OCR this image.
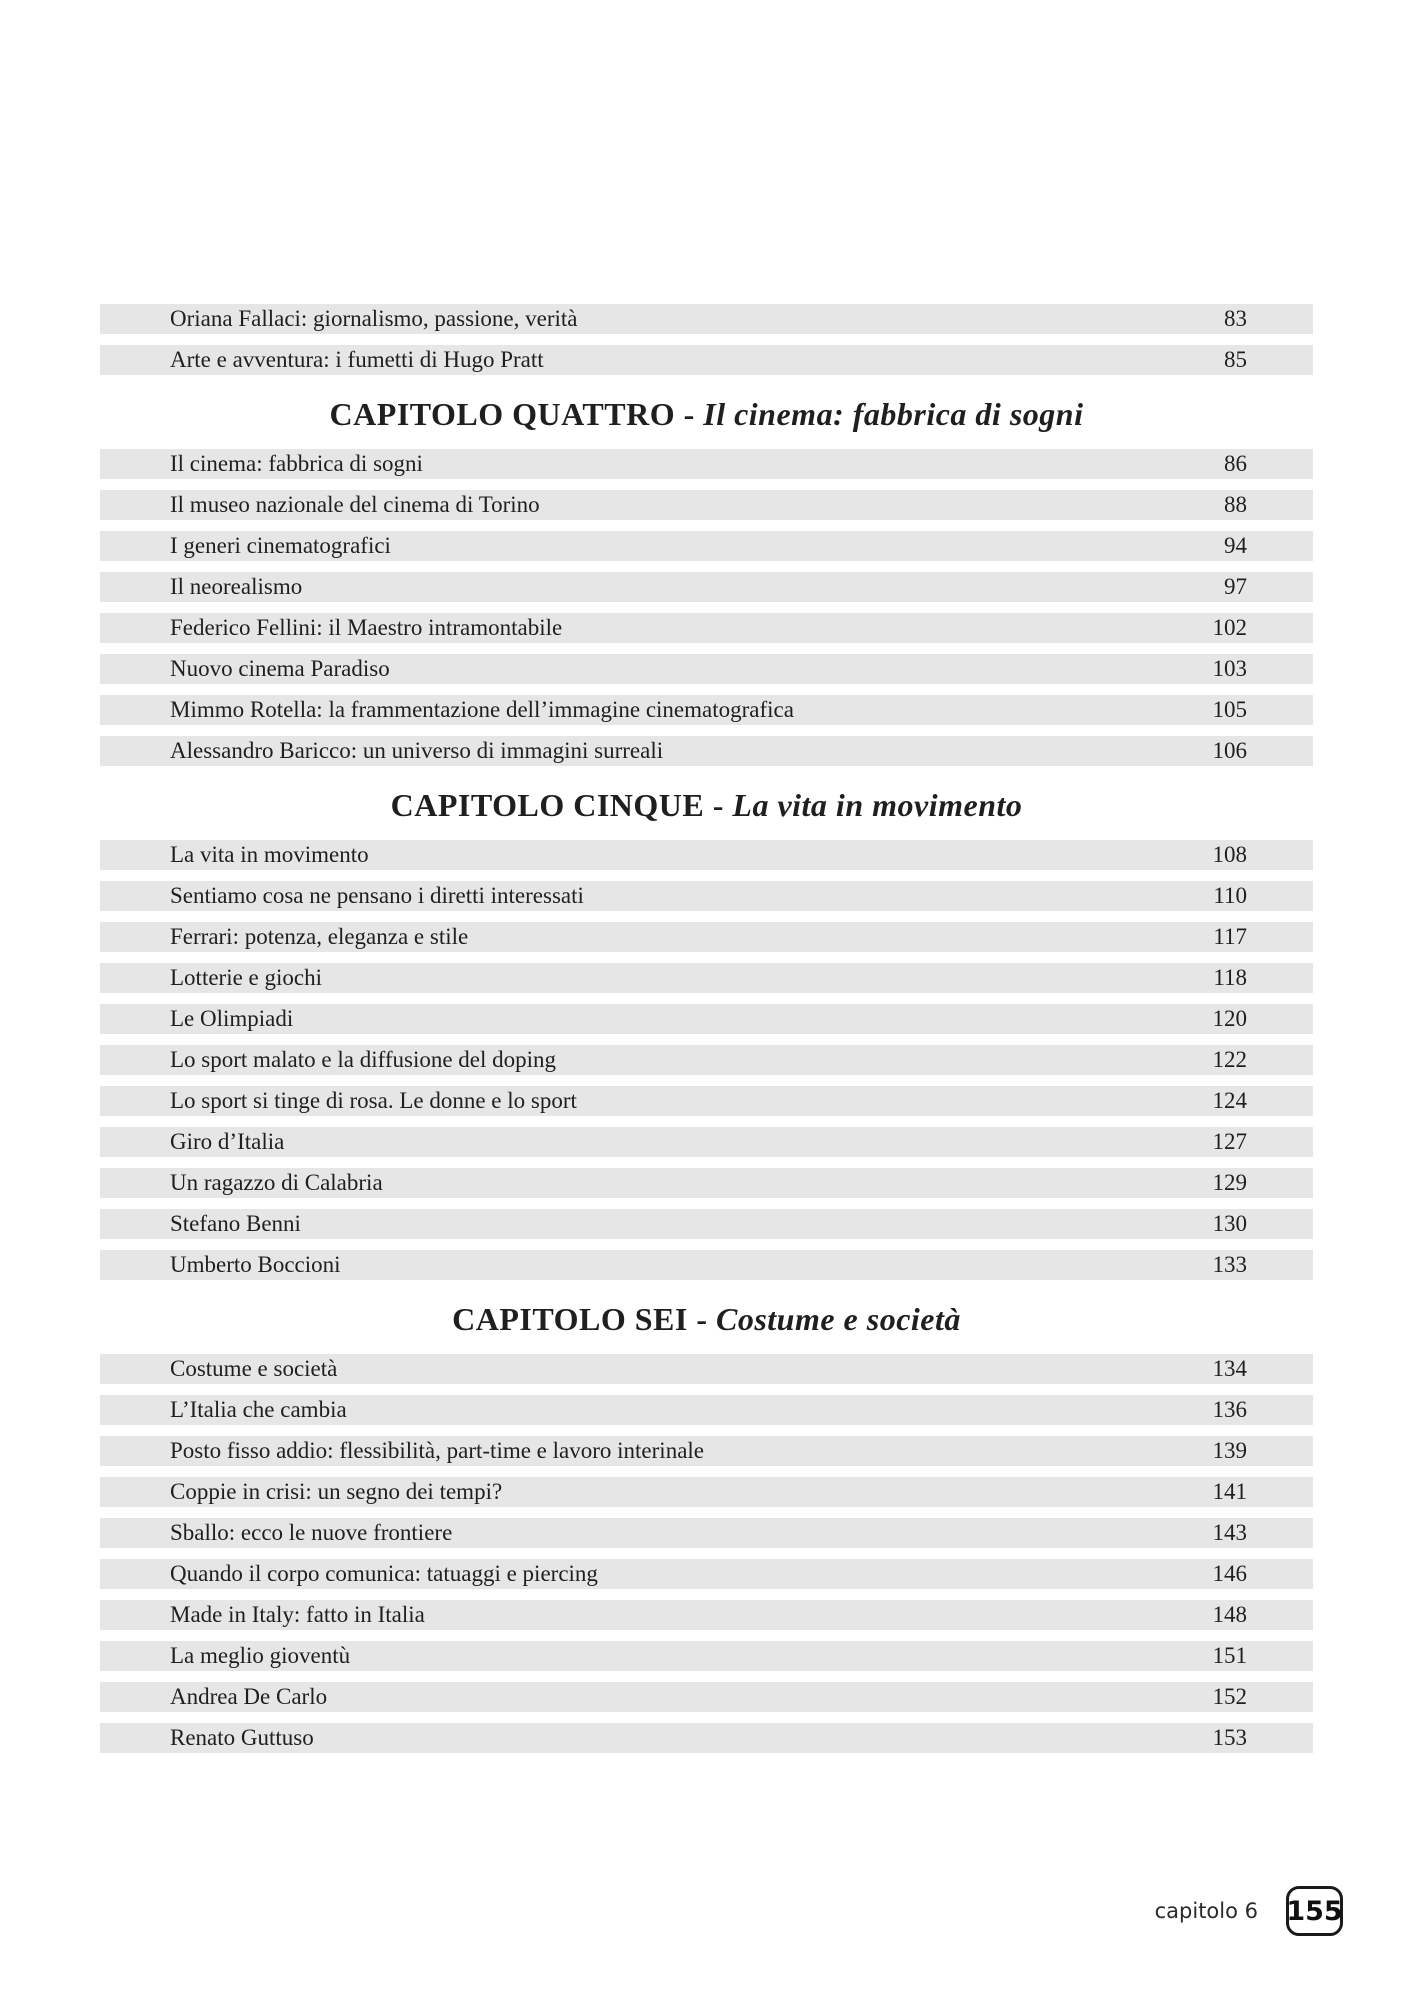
Oriana Fallaci: giornalismo, passione, verità	83
Arte e avventura: i fumetti di Hugo Pratt	85
CAPITOLO QUATTRO - Il cinema: fabbrica di sogni
Il cinema: fabbrica di sogni	86
Il museo nazionale del cinema di Torino	88
I generi cinematografici	94
Il neorealismo	97
Federico Fellini: il Maestro intramontabile	102
Nuovo cinema Paradiso	103
Mimmo Rotella: la frammentazione dell’immagine cinematografica	105
Alessandro Baricco: un universo di immagini surreali	106
CAPITOLO CINQUE - La vita in movimento
La vita in movimento	108
Sentiamo cosa ne pensano i diretti interessati	110
Ferrari: potenza, eleganza e stile	117
Lotterie e giochi	118
Le Olimpiadi	120
Lo sport malato e la diffusione del doping	122
Lo sport si tinge di rosa. Le donne e lo sport	124
Giro d’Italia	127
Un ragazzo di Calabria	129
Stefano Benni	130
Umberto Boccioni	133
CAPITOLO SEI - Costume e società
Costume e società	134
L’Italia che cambia	136
Posto fisso addio: flessibilità, part-time e lavoro interinale	139
Coppie in crisi: un segno dei tempi?	141
Sballo: ecco le nuove frontiere	143
Quando il corpo comunica: tatuaggi e piercing	146
Made in Italy: fatto in Italia	148
La meglio gioventù	151
Andrea De Carlo	152
Renato Guttuso	153
capitolo 6 155
